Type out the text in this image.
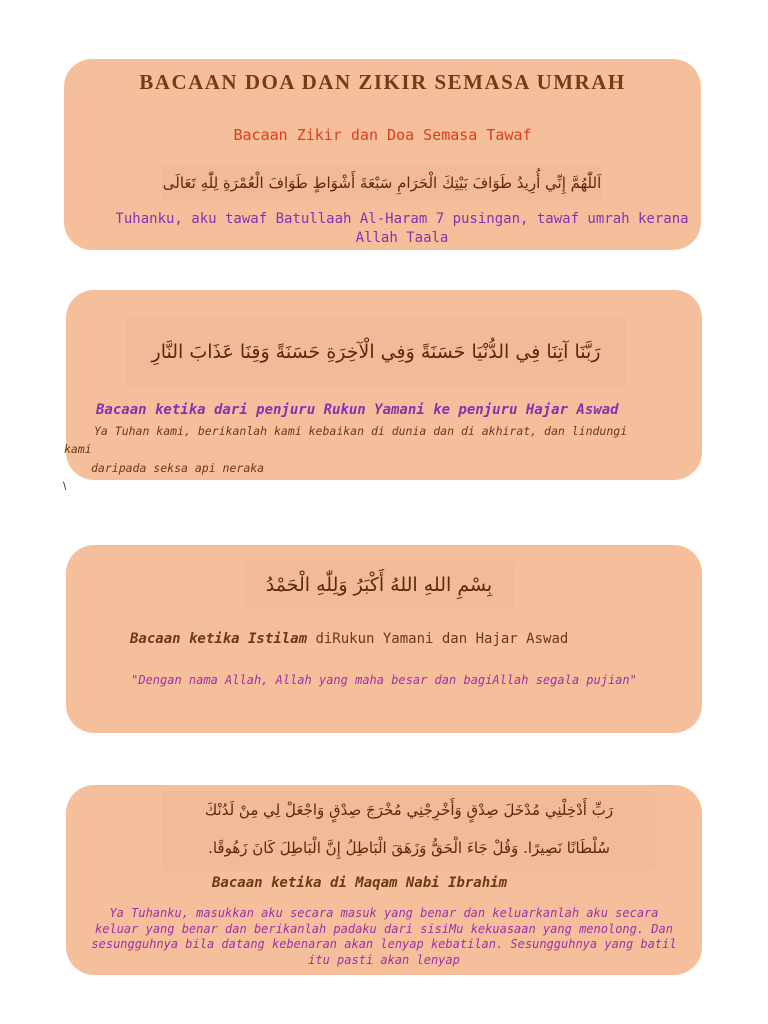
BACAAN DOA DAN ZIKIR SEMASA UMRAH
Bacaan Zikir dan Doa Semasa Tawaf
اَللّٰهُمَّ إِنِّي أُرِيدُ طَوَافَ بَيْتِكَ الْحَرَامِ سَبْعَةَ أَشْوَاطٍ طَوَافَ الْعُمْرَةِ لِلّٰهِ تَعَالَى
Tuhanku, aku tawaf Batullaah Al-Haram 7 pusingan, tawaf umrah kerana Allah Taala
رَبَّنَا آتِنَا فِي الدُّنْيَا حَسَنَةً وَفِي الْآخِرَةِ حَسَنَةً وَقِنَا عَذَابَ النَّارِ
Bacaan ketika dari penjuru Rukun Yamani ke penjuru Hajar Aswad
Ya Tuhan kami, berikanlah kami kebaikan di dunia dan di akhirat, dan lindungi
kami
daripada seksa api neraka
\
بِسْمِ اللهِ اللهُ أَكْبَرُ وَلِلّٰهِ الْحَمْدُ
Bacaan ketika Istilam diRukun Yamani dan Hajar Aswad
"Dengan nama Allah, Allah yang maha besar dan bagiAllah segala pujian"
رَبِّ أَدْخِلْنِي مُدْخَلَ صِدْقٍ وَأَخْرِجْنِي مُخْرَجَ صِدْقٍ وَاجْعَلْ لِي مِنْ لَدُنْكَ
سُلْطَانًا نَصِيرًا. وَقُلْ جَاءَ الْحَقُّ وَزَهَقَ الْبَاطِلُ إِنَّ الْبَاطِلَ كَانَ زَهُوقًا.
Bacaan ketika di Maqam Nabi Ibrahim
Ya Tuhanku, masukkan aku secara masuk yang benar dan keluarkanlah aku secara
keluar yang benar dan berikanlah padaku dari sisiMu kekuasaan yang menolong. Dan
sesungguhnya bila datang kebenaran akan lenyap kebatilan. Sesungguhnya yang batil
itu pasti akan lenyap
